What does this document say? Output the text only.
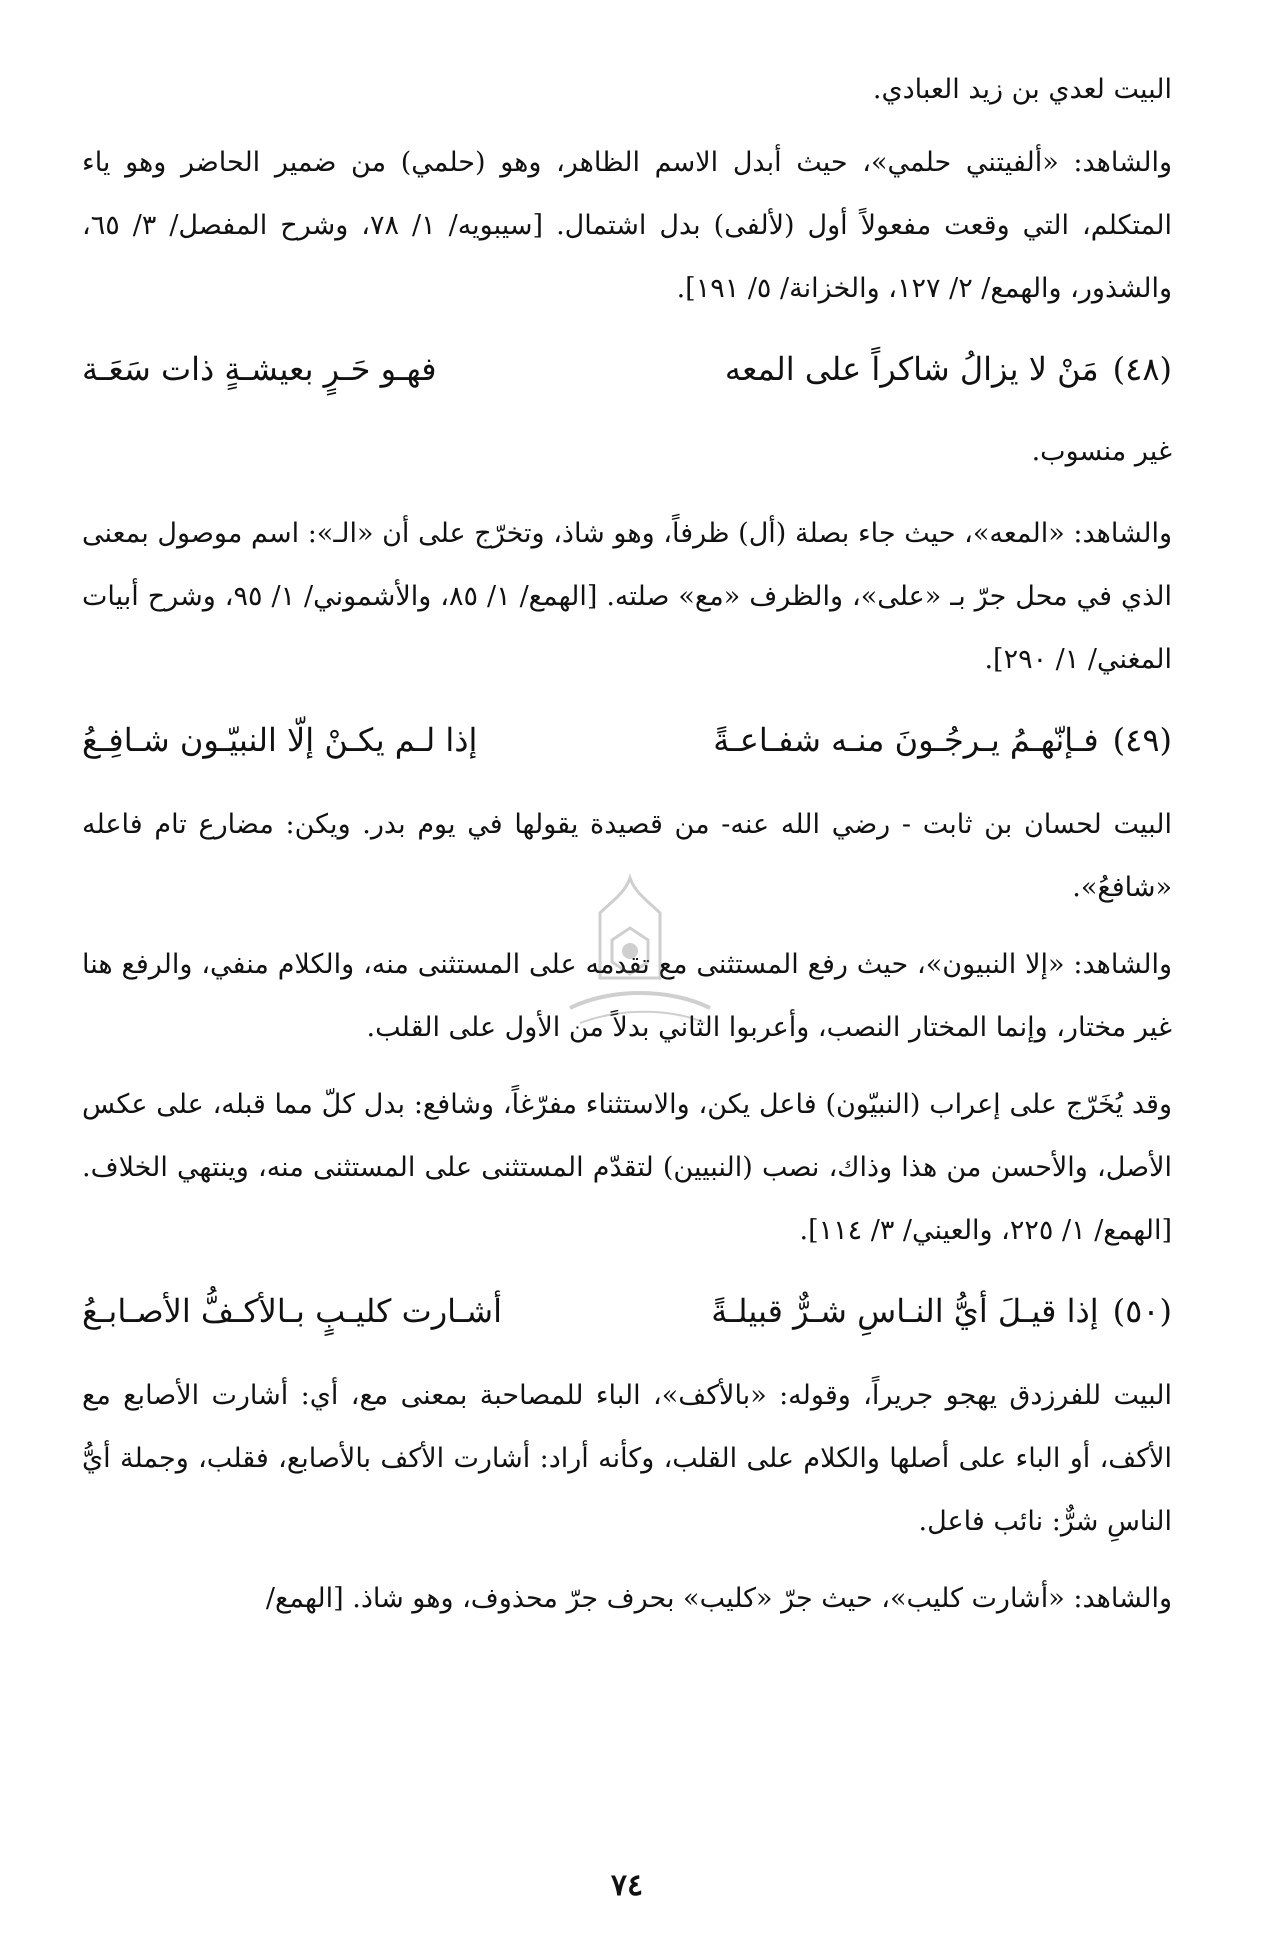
البيت لعدي بن زيد العبادي.

والشاهد: «ألفيتني حلمي»، حيث أبدل الاسم الظاهر، وهو (حلمي) من ضمير الحاضر وهو ياء المتكلم، التي وقعت مفعولاً أول (لألفى) بدل اشتمال. [سيبويه/ ١/ ٧٨، وشرح المفصل/ ٣/ ٦٥، والشذور، والهمع/ ٢/ ١٢٧، والخزانة/ ٥/ ١٩١].

(٤٨)
مَنْ لا يزالُ شاكراً على المعه
فهـو حَـرٍ بعيشـةٍ ذات سَعَـة

غير منسوب.

والشاهد: «المعه»، حيث جاء بصلة (أل) ظرفاً، وهو شاذ، وتخرّج على أن «الـ»: اسم موصول بمعنى الذي في محل جرّ بـ «على»، والظرف «مع» صلته. [الهمع/ ١/ ٨٥، والأشموني/ ١/ ٩٥، وشرح أبيات المغني/ ١/ ٢٩٠].

(٤٩)
فـإنّهـمُ يـرجُـونَ منـه شفـاعـةً
إذا لـم يكـنْ إلّا النبيّـون شـافِـعُ

البيت لحسان بن ثابت - رضي الله عنه- من قصيدة يقولها في يوم بدر. ويكن: مضارع تام فاعله «شافعُ».

والشاهد: «إلا النبيون»، حيث رفع المستثنى مع تقدمه على المستثنى منه، والكلام منفي، والرفع هنا غير مختار، وإنما المختار النصب، وأعربوا الثاني بدلاً من الأول على القلب.

وقد يُخَرّج على إعراب (النبيّون) فاعل يكن، والاستثناء مفرّغاً، وشافع: بدل كلّ مما قبله، على عكس الأصل، والأحسن من هذا وذاك، نصب (النبيين) لتقدّم المستثنى على المستثنى منه، وينتهي الخلاف. [الهمع/ ١/ ٢٢٥، والعيني/ ٣/ ١١٤].

(٥٠)
إذا قيـلَ أيُّ النـاسِ شـرٌّ قبيلـةً
أشـارت كليـبٍ بـالأكـفُّ الأصـابـعُ

البيت للفرزدق يهجو جريراً، وقوله: «بالأكف»، الباء للمصاحبة بمعنى مع، أي: أشارت الأصابع مع الأكف، أو الباء على أصلها والكلام على القلب، وكأنه أراد: أشارت الأكف بالأصابع، فقلب، وجملة أيُّ الناسِ شرٌّ: نائب فاعل.

والشاهد: «أشارت كليب»، حيث جرّ «كليب» بحرف جرّ محذوف، وهو شاذ. [الهمع/

٧٤
